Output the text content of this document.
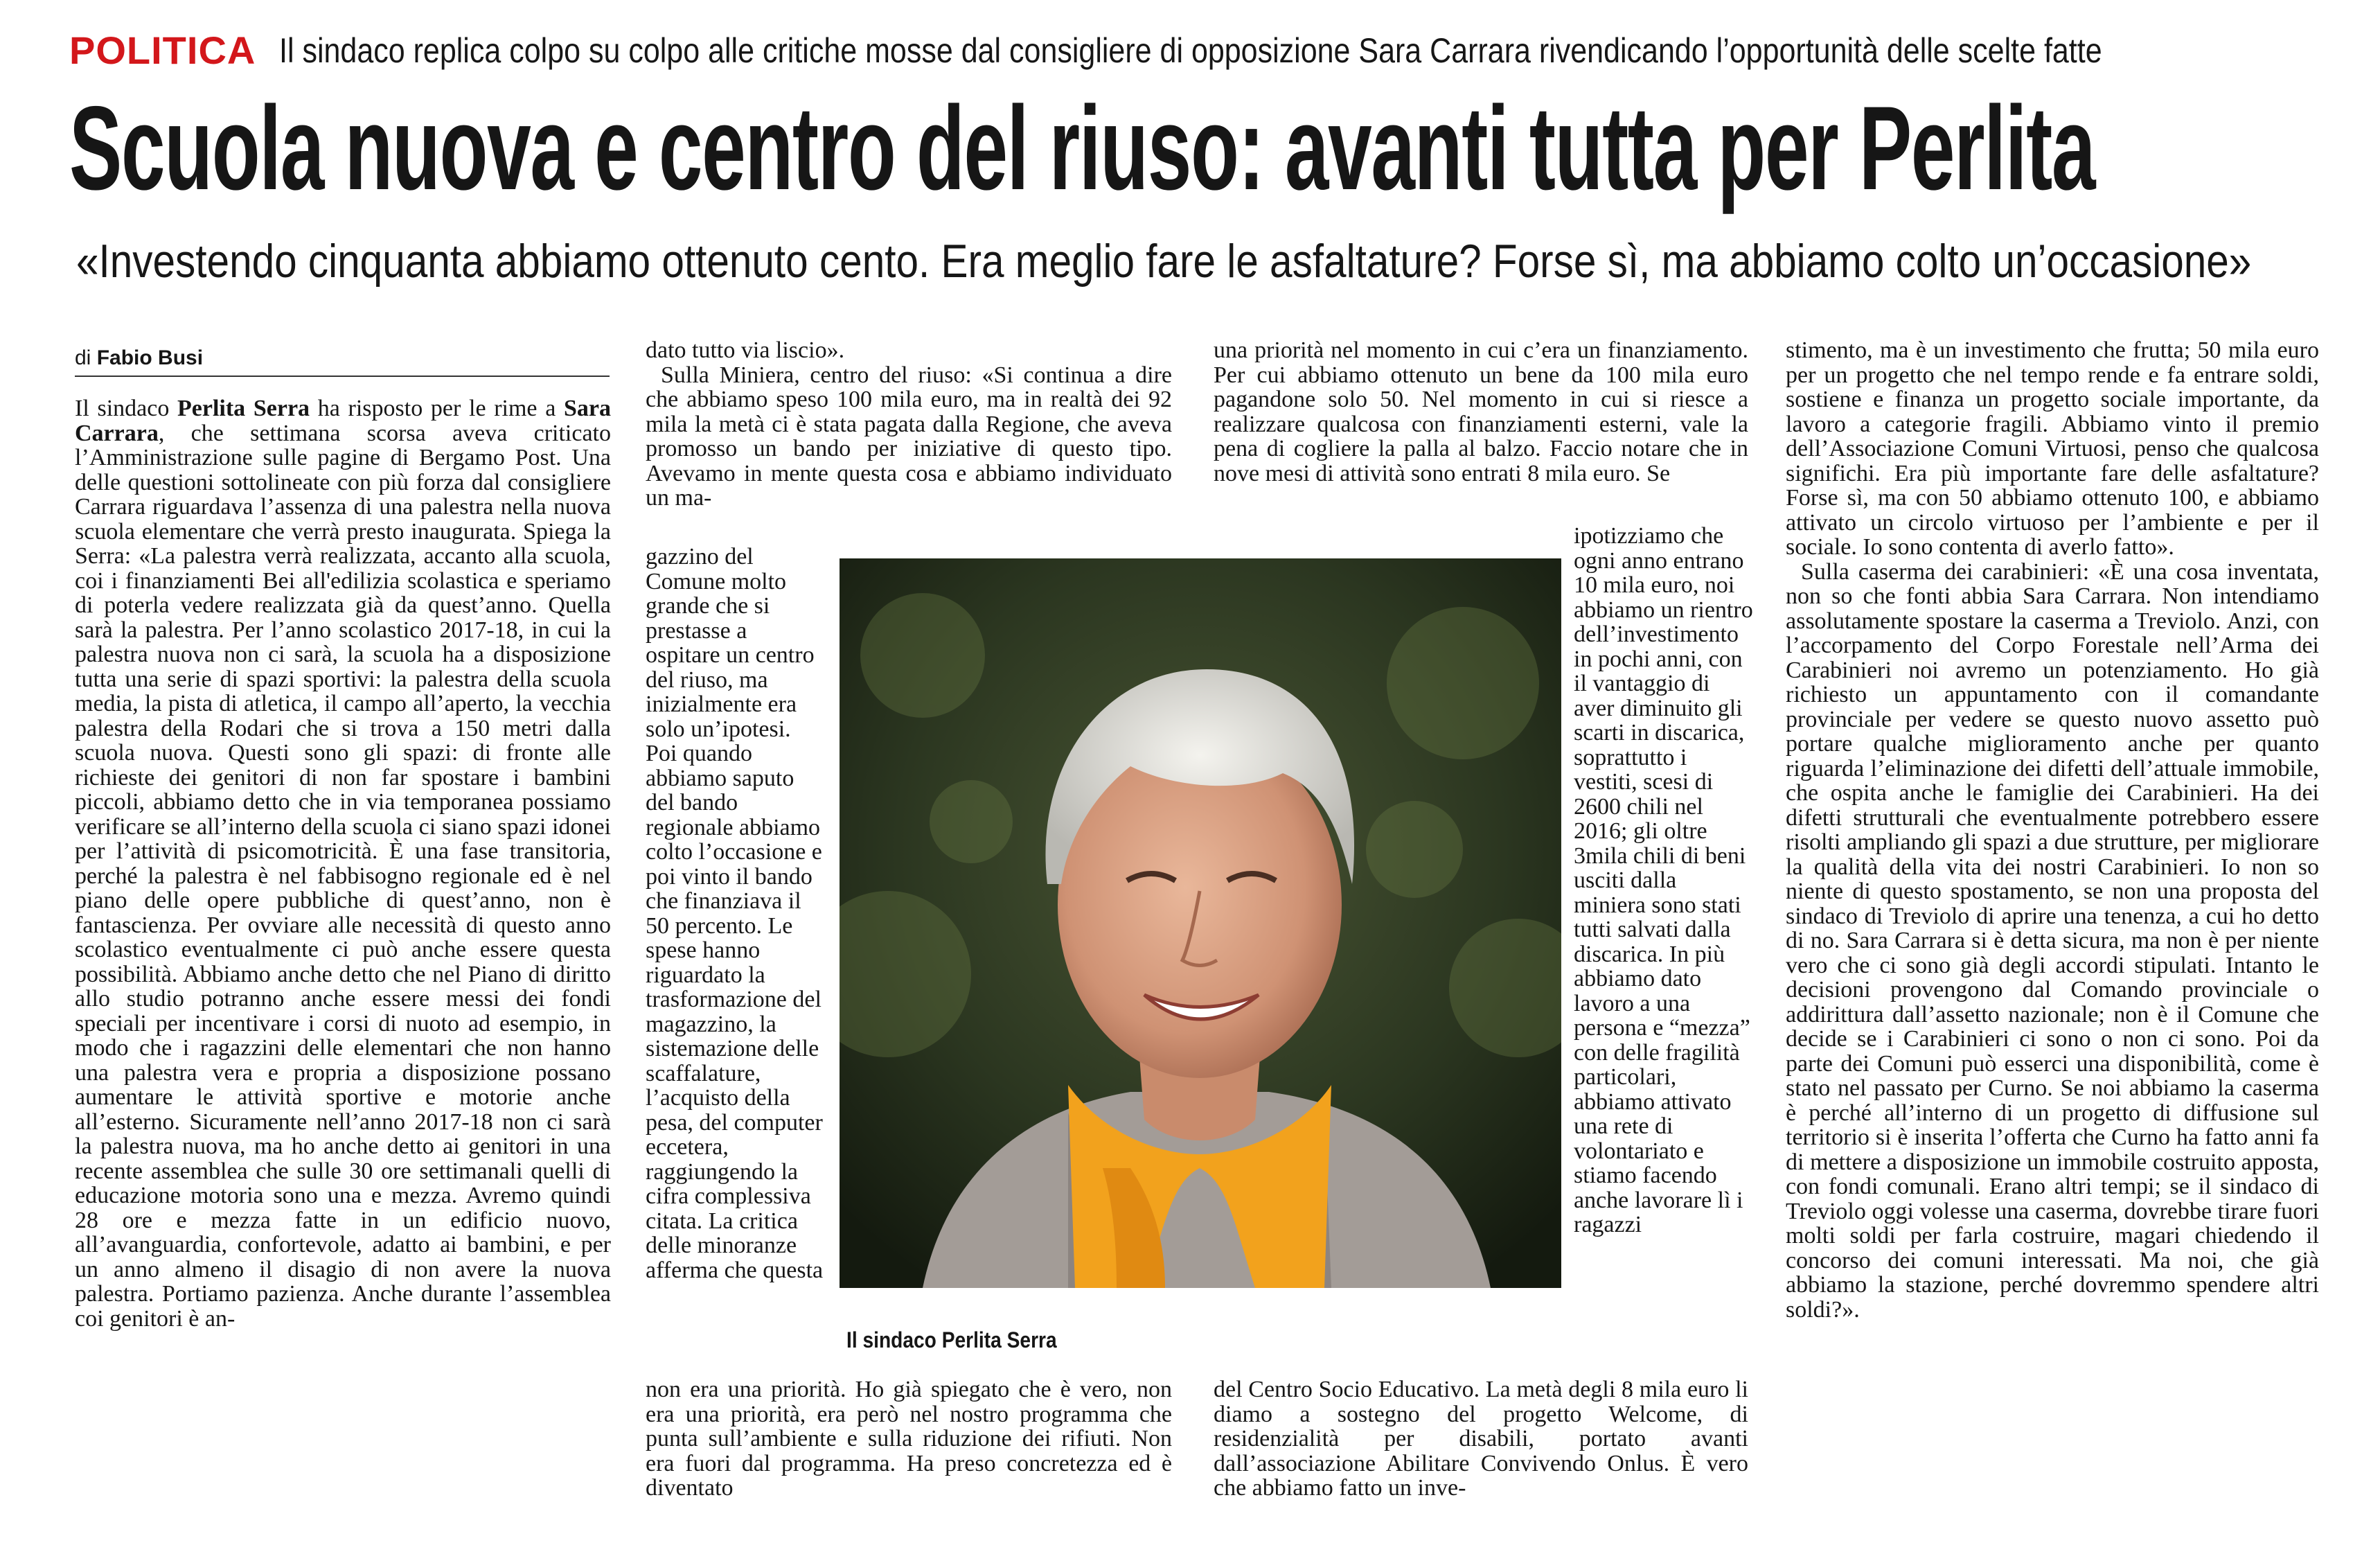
POLITICA Il sindaco replica colpo su colpo alle critiche mosse dal consigliere di opposizione Sara Carrara rivendicando l’opportunità delle scelte fatte
Scuola nuova e centro del riuso: avanti tutta per Perlita
«Investendo cinquanta abbiamo ottenuto cento. Era meglio fare le asfaltature? Forse sì, ma abbiamo colto un’occasione»
di Fabio Busi

Il sindaco Perlita Serra ha risposto per le rime a Sara Carrara, che settimana scorsa aveva criticato l’Amministrazione sulle pagine di Bergamo Post. Una delle questioni sottolineate con più forza dal consigliere Carrara riguardava l’assenza di una palestra nella nuova scuola elementare che verrà presto inaugurata. Spiega la Serra: «La palestra verrà realizzata, accanto alla scuola, coi i finanziamenti Bei all'edilizia scolastica e speriamo di poterla vedere realizzata già da quest’anno. Quella sarà la palestra. Per l’anno scolastico 2017-18, in cui la palestra nuova non ci sarà, la scuola ha a disposizione tutta una serie di spazi sportivi: la palestra della scuola media, la pista di atletica, il campo all’aperto, la vecchia palestra della Rodari che si trova a 150 metri dalla scuola nuova. Questi sono gli spazi: di fronte alle richieste dei genitori di non far spostare i bambini piccoli, abbiamo detto che in via temporanea possiamo verificare se all’interno della scuola ci siano spazi idonei per l’attività di psicomotricità. È una fase transitoria, perché la palestra è nel fabbisogno regionale ed è nel piano delle opere pubbliche di quest’anno, non è fantascienza. Per ovviare alle necessità di questo anno scolastico eventualmente ci può anche essere questa possibilità. Abbiamo anche detto che nel Piano di diritto allo studio potranno anche essere messi dei fondi speciali per incentivare i corsi di nuoto ad esempio, in modo che i ragazzini delle elementari che non hanno una palestra vera e propria a disposizione possano aumentare le attività sportive e motorie anche all’esterno. Sicuramente nell’anno 2017-18 non ci sarà la palestra nuova, ma ho anche detto ai genitori in una recente assemblea che sulle 30 ore settimanali quelli di educazione motoria sono una e mezza. Avremo quindi 28 ore e mezza fatte in un edificio nuovo, all’avanguardia, confortevole, adatto ai bambini, e per un anno almeno il disagio di non avere la nuova palestra. Portiamo pazienza. Anche durante l’assemblea coi genitori è an-

dato tutto via liscio».

Sulla Miniera, centro del riuso: «Si continua a dire che abbiamo speso 100 mila euro, ma in realtà dei 92 mila la metà ci è stata pagata dalla Regione, che aveva promosso un bando per iniziative di questo tipo. Avevamo in mente questa cosa e abbiamo individuato un ma-

gazzino del Comune molto grande che si prestasse a ospitare un centro del riuso, ma inizialmente era solo un’ipotesi. Poi quando abbiamo saputo del bando regionale abbiamo colto l’occasione e poi vinto il bando che finanziava il 50 percento. Le spese hanno riguardato la trasformazione del magazzino, la sistemazione delle scaffalature, l’acquisto della pesa, del computer eccetera, raggiungendo la cifra complessiva citata. La critica delle minoranze afferma che questa

non era una priorità. Ho già spiegato che è vero, non era una priorità, era però nel nostro programma che punta sull’ambiente e sulla riduzione dei rifiuti. Non era fuori dal programma. Ha preso concretezza ed è diventato

una priorità nel momento in cui c’era un finanziamento. Per cui abbiamo ottenuto un bene da 100 mila euro pagandone solo 50. Nel momento in cui si riesce a realizzare qualcosa con finanziamenti esterni, vale la pena di cogliere la palla al balzo. Faccio notare che in nove mesi di attività sono entrati 8 mila euro. Se

ipotizziamo che ogni anno entrano 10 mila euro, noi abbiamo un rientro dell’investimento in pochi anni, con il vantaggio di aver diminuito gli scarti in discarica, soprattutto i vestiti, scesi di 2600 chili nel 2016; gli oltre 3mila chili di beni usciti dalla miniera sono stati tutti salvati dalla discarica. In più abbiamo dato lavoro a una persona e “mezza” con delle fragilità particolari, abbiamo attivato una rete di volontariato e stiamo facendo anche lavorare lì i ragazzi

del Centro Socio Educativo. La metà degli 8 mila euro li diamo a sostegno del progetto Welcome, di residenzialità per disabili, portato avanti dall’associazione Abilitare Convivendo Onlus. È vero che abbiamo fatto un inve-

stimento, ma è un investimento che frutta; 50 mila euro per un progetto che nel tempo rende e fa entrare soldi, sostiene e finanza un progetto sociale importante, da lavoro a categorie fragili. Abbiamo vinto il premio dell’Associazione Comuni Virtuosi, penso che qualcosa significhi. Era più importante fare delle asfaltature? Forse sì, ma con 50 abbiamo ottenuto 100, e abbiamo attivato un circolo virtuoso per l’ambiente e per il sociale. Io sono contenta di averlo fatto».

Sulla caserma dei carabinieri: «È una cosa inventata, non so che fonti abbia Sara Carrara. Non intendiamo assolutamente spostare la caserma a Treviolo. Anzi, con l’accorpamento del Corpo Forestale nell’Arma dei Carabinieri noi avremo un potenziamento. Ho già richiesto un appuntamento con il comandante provinciale per vedere se questo nuovo assetto può portare qualche miglioramento anche per quanto riguarda l’eliminazione dei difetti dell’attuale immobile, che ospita anche le famiglie dei Carabinieri. Ha dei difetti strutturali che eventualmente potrebbero essere risolti ampliando gli spazi a due strutture, per migliorare la qualità della vita dei nostri Carabinieri. Io non so niente di questo spostamento, se non una proposta del sindaco di Treviolo di aprire una tenenza, a cui ho detto di no. Sara Carrara si è detta sicura, ma non è per niente vero che ci sono già degli accordi stipulati. Intanto le decisioni provengono dal Comando provinciale o addirittura dall’assetto nazionale; non è il Comune che decide se i Carabinieri ci sono o non ci sono. Poi da parte dei Comuni può esserci una disponibilità, come è stato nel passato per Curno. Se noi abbiamo la caserma è perché all’interno di un progetto di diffusione sul territorio si è inserita l’offerta che Curno ha fatto anni fa di mettere a disposizione un immobile costruito apposta, con fondi comunali. Erano altri tempi; se il sindaco di Treviolo oggi volesse una caserma, dovrebbe tirare fuori molti soldi per farla costruire, magari chiedendo il concorso dei comuni interessati. Ma noi, che già abbiamo la stazione, perché dovremmo spendere altri soldi?».

Il sindaco Perlita Serra
